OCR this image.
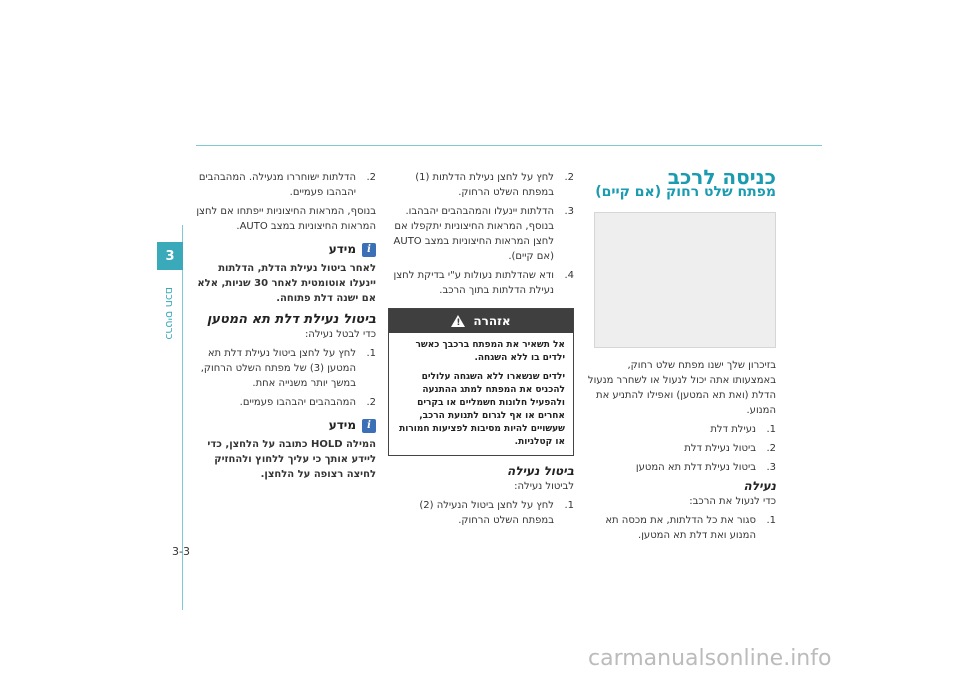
3
כרטיס חכם
3-3

כניסה לרכב

מפתח שלט רחוק (אם קיים)

בזיכרון שלך ישנו מפתח שלט רחוק, באמצעותו אתה יכול לנעול או לשחרר מנעול הדלת (ואת תא המטען) ואפילו להתניע את המנוע.

1.
נעילת דלת
2.
ביטול נעילת דלת
3.
ביטול נעילת דלת תא המטען

נעילה

כדי לנעול את הרכב:

1.
סגור את כל הדלתות, את מכסה תא המנוע ואת דלת תא המטען.
2.
לחץ על לחצן נעילת הדלתות (1) במפתח השלט הרחוק.
3.
הדלתות יינעלו והמהבהבים יהבהבו. בנוסף, המראות החיצוניות יתקפלו אם לחצן המראות החיצוניות במצב AUTO (אם קיים).
4.
ודא שהדלתות נעולות ע"י בדיקת לחצן נעילת הדלתות בתוך הרכב.
אזהרה
!

אל תשאיר את המפתח ברכבך כאשר ילדים בו ללא השגחה.

ילדים שנשארו ללא השגחה עלולים להכניס את המפתח למתג ההתנעה ולהפעיל חלונות חשמליים או בקרים אחרים או אף לגרום לתנועת הרכב, שעשויים להיות מסיבות לפציעות חמורות או קטלניות.

ביטול נעילה

לביטול נעילה:

1.
לחץ על לחצן ביטול הנעילה (2) במפתח השלט הרחוק.
2.
הדלתות ישוחררו מנעילה. המהבהבים יהבהבו פעמיים.

בנוסף, המראות החיצוניות ייפתחו אם לחצן המראות החיצוניות במצב AUTO.

i
מידע

לאחר ביטול נעילת הדלת, הדלתות יינעלו אוטומטית לאחר 30 שניות, אלא אם ישנה דלת פתוחה.

ביטול נעילת דלת תא המטען

כדי לבטל נעילה:

1.
לחץ על לחצן ביטול נעילת דלת תא המטען (3) של מפתח השלט הרחוק, במשך יותר משנייה אחת.
2.
המהבהבים יהבהבו פעמיים.
i
מידע

המילה HOLD כתובה על הלחצן, כדי ליידע אותך כי עליך ללחוץ ולהחזיק לחיצה רצופה על הלחצן.

carmanualsonline.info
